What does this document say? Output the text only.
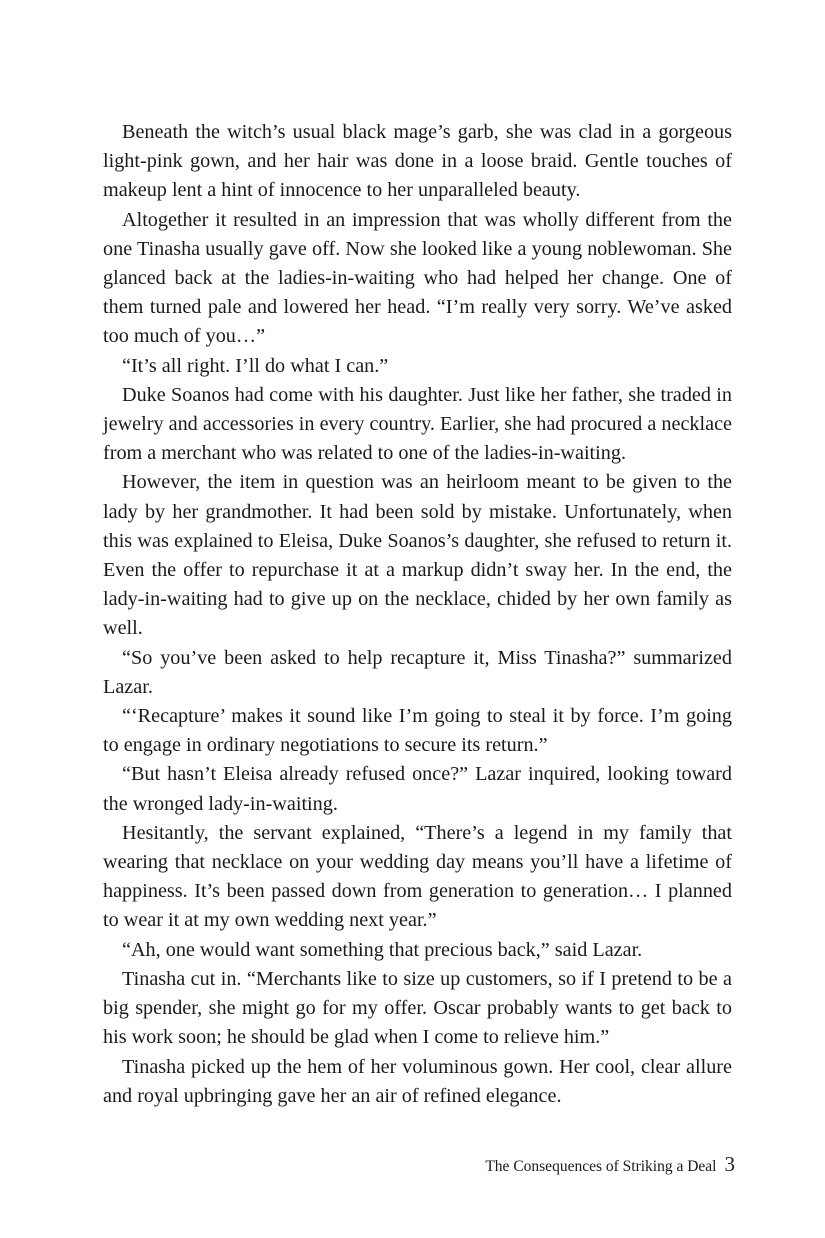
Beneath the witch’s usual black mage’s garb, she was clad in a gorgeous light-pink gown, and her hair was done in a loose braid. Gentle touches of makeup lent a hint of innocence to her unparalleled beauty.

Altogether it resulted in an impression that was wholly different from the one Tinasha usually gave off. Now she looked like a young noblewoman. She glanced back at the ladies-in-waiting who had helped her change. One of them turned pale and lowered her head. “I’m really very sorry. We’ve asked too much of you…”

“It’s all right. I’ll do what I can.”

Duke Soanos had come with his daughter. Just like her father, she traded in jewelry and accessories in every country. Earlier, she had procured a necklace from a merchant who was related to one of the ladies-in-waiting.

However, the item in question was an heirloom meant to be given to the lady by her grandmother. It had been sold by mistake. Unfortunately, when this was explained to Eleisa, Duke Soanos’s daughter, she refused to return it. Even the offer to repurchase it at a markup didn’t sway her. In the end, the lady-in-waiting had to give up on the necklace, chided by her own family as well.

“So you’ve been asked to help recapture it, Miss Tinasha?” summarized Lazar.

“‘Recapture’ makes it sound like I’m going to steal it by force. I’m going to engage in ordinary negotiations to secure its return.”

“But hasn’t Eleisa already refused once?” Lazar inquired, looking toward the wronged lady-in-waiting.

Hesitantly, the servant explained, “There’s a legend in my family that wearing that necklace on your wedding day means you’ll have a lifetime of happiness. It’s been passed down from generation to generation… I planned to wear it at my own wedding next year.”

“Ah, one would want something that precious back,” said Lazar.

Tinasha cut in. “Merchants like to size up customers, so if I pretend to be a big spender, she might go for my offer. Oscar probably wants to get back to his work soon; he should be glad when I come to relieve him.”

Tinasha picked up the hem of her voluminous gown. Her cool, clear allure and royal upbringing gave her an air of refined elegance.

The Consequences of Striking a Deal 3
